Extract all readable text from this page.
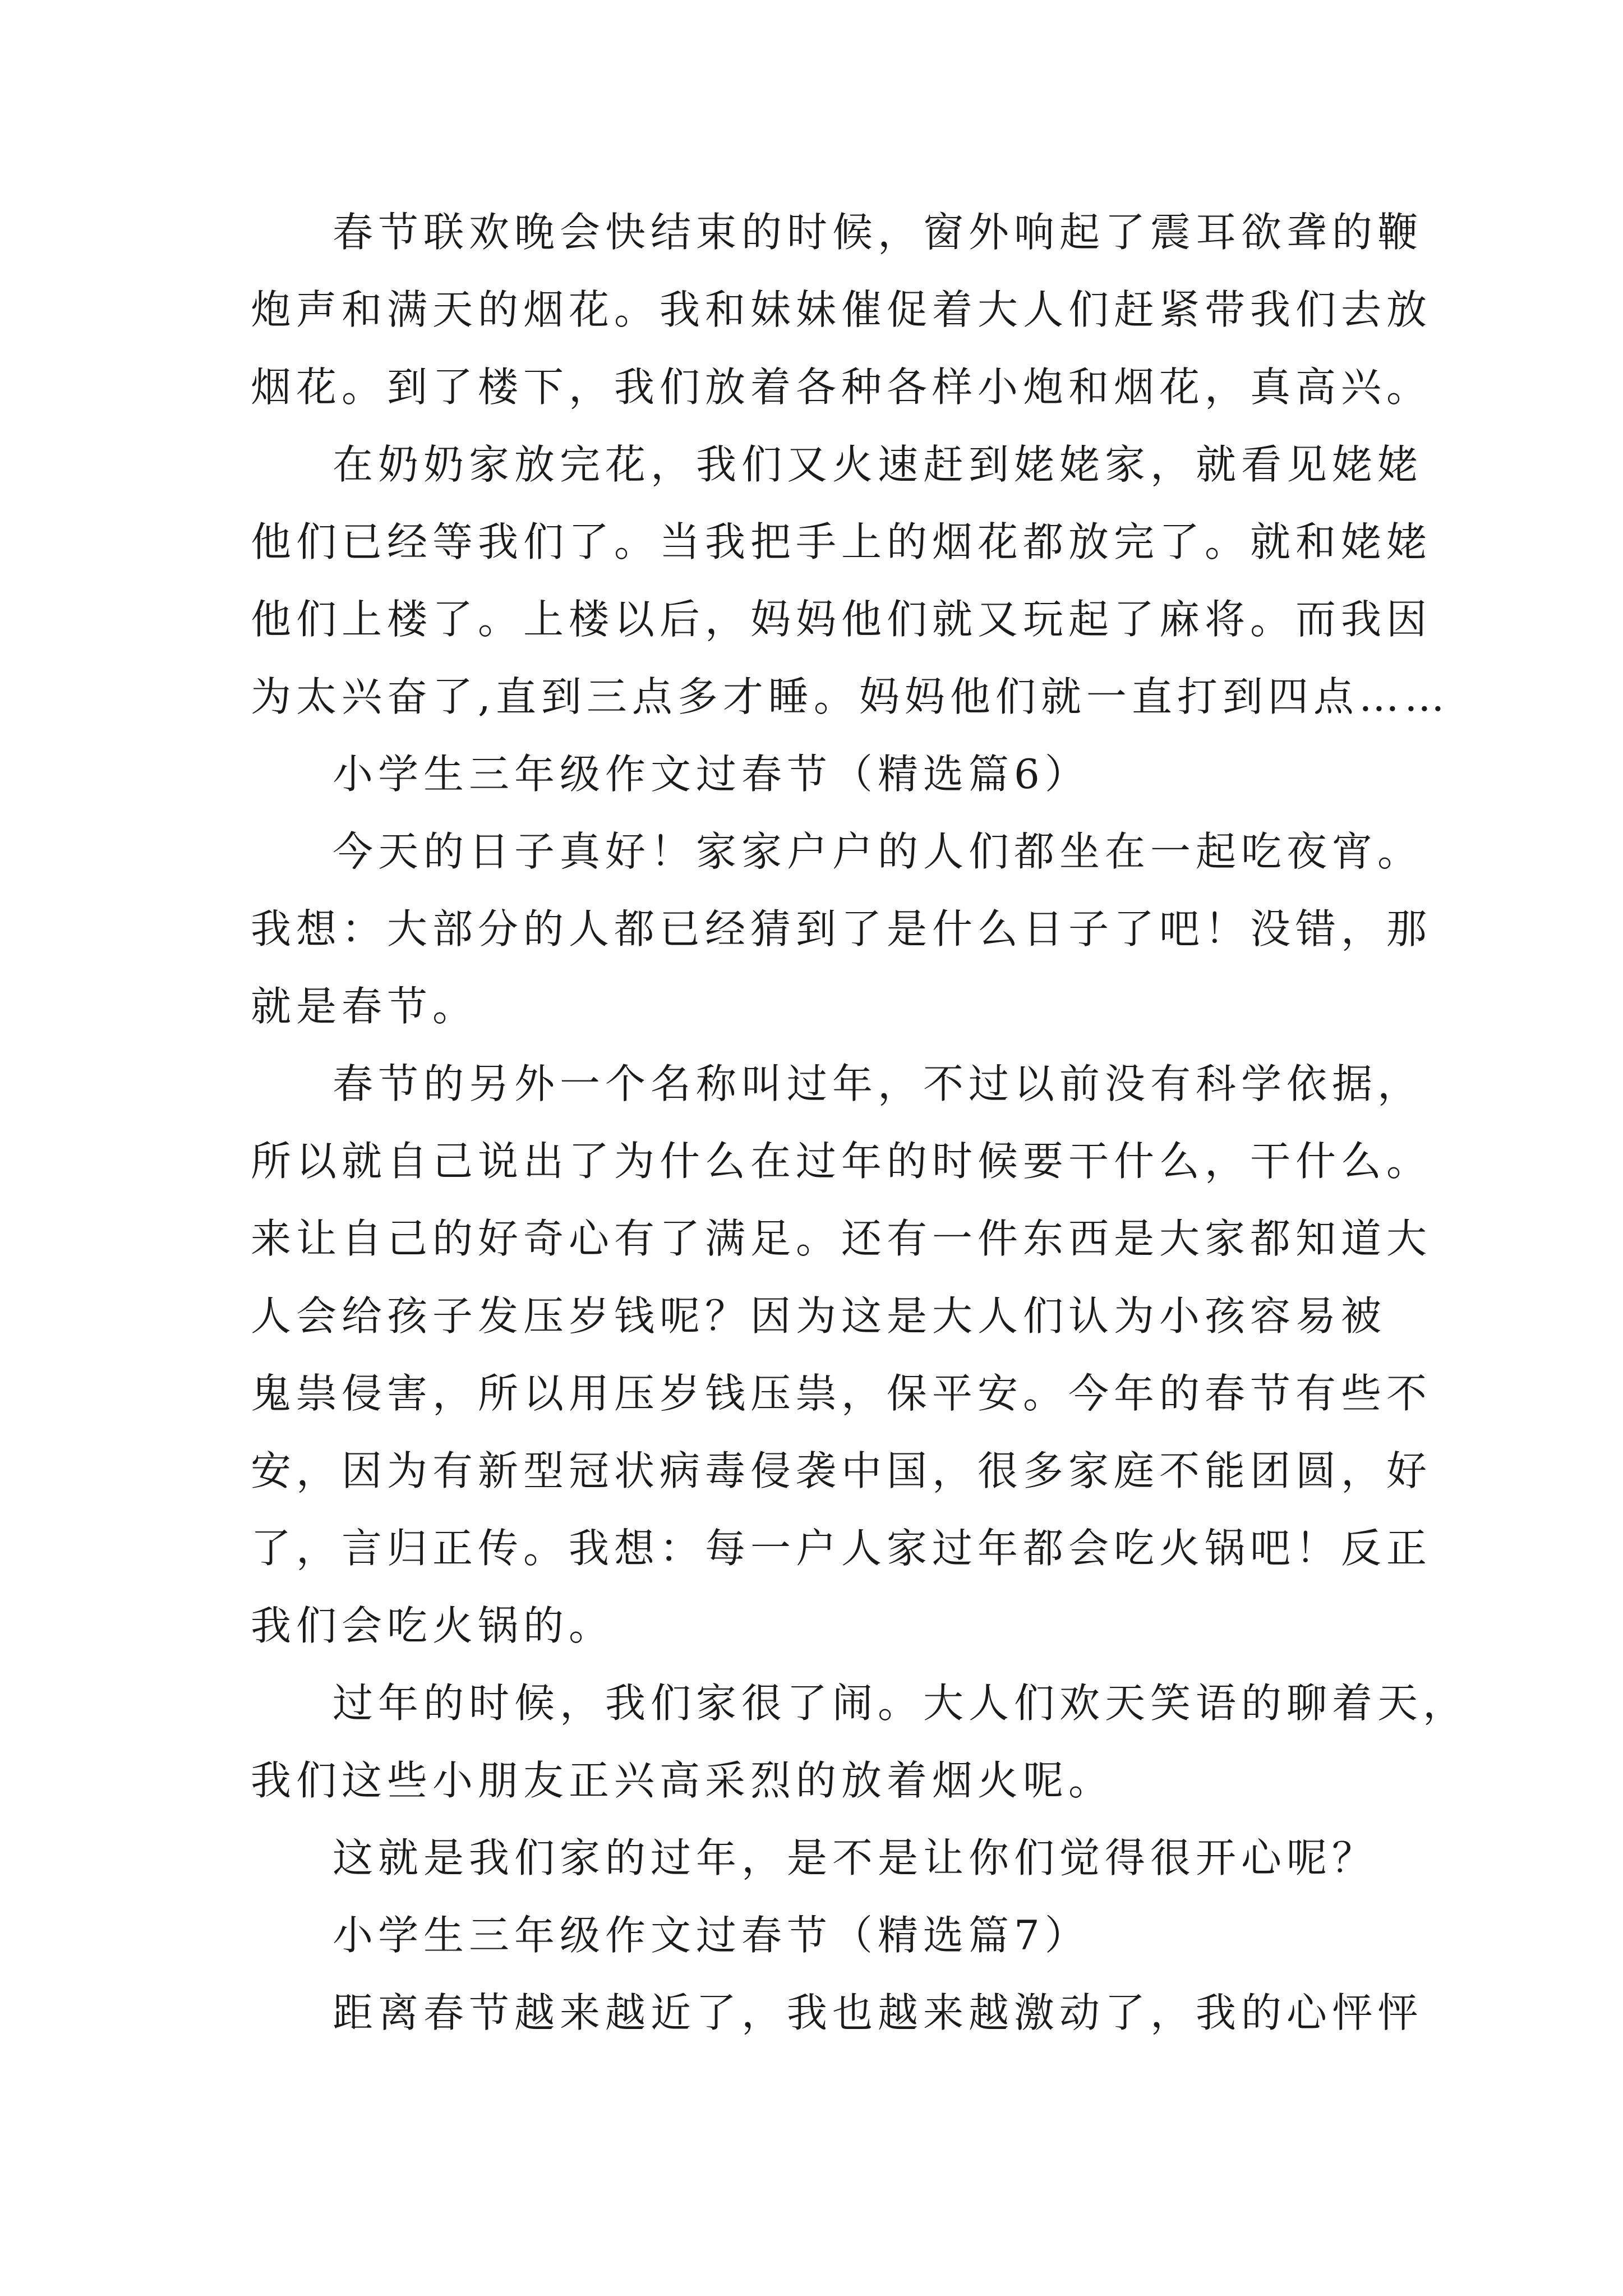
春节联欢晚会快结束的时候，窗外响起了震耳欲聋的鞭
炮声和满天的烟花。我和妹妹催促着大人们赶紧带我们去放
烟花。到了楼下，我们放着各种各样小炮和烟花，真高兴。
在奶奶家放完花，我们又火速赶到姥姥家，就看见姥姥
他们已经等我们了。当我把手上的烟花都放完了。就和姥姥
他们上楼了。上楼以后，妈妈他们就又玩起了麻将。而我因
为太兴奋了,直到三点多才睡。妈妈他们就一直打到四点……
小学生三年级作文过春节（精选篇6）
今天的日子真好！家家户户的人们都坐在一起吃夜宵。
我想：大部分的人都已经猜到了是什么日子了吧！没错，那
就是春节。
春节的另外一个名称叫过年，不过以前没有科学依据，
所以就自己说出了为什么在过年的时候要干什么，干什么。
来让自己的好奇心有了满足。还有一件东西是大家都知道大
人会给孩子发压岁钱呢？因为这是大人们认为小孩容易被
鬼祟侵害，所以用压岁钱压祟，保平安。今年的春节有些不
安，因为有新型冠状病毒侵袭中国，很多家庭不能团圆，好
了，言归正传。我想：每一户人家过年都会吃火锅吧！反正
我们会吃火锅的。
过年的时候，我们家很了闹。大人们欢天笑语的聊着天，
我们这些小朋友正兴高采烈的放着烟火呢。
这就是我们家的过年，是不是让你们觉得很开心呢？
小学生三年级作文过春节（精选篇7）
距离春节越来越近了，我也越来越激动了，我的心怦怦
